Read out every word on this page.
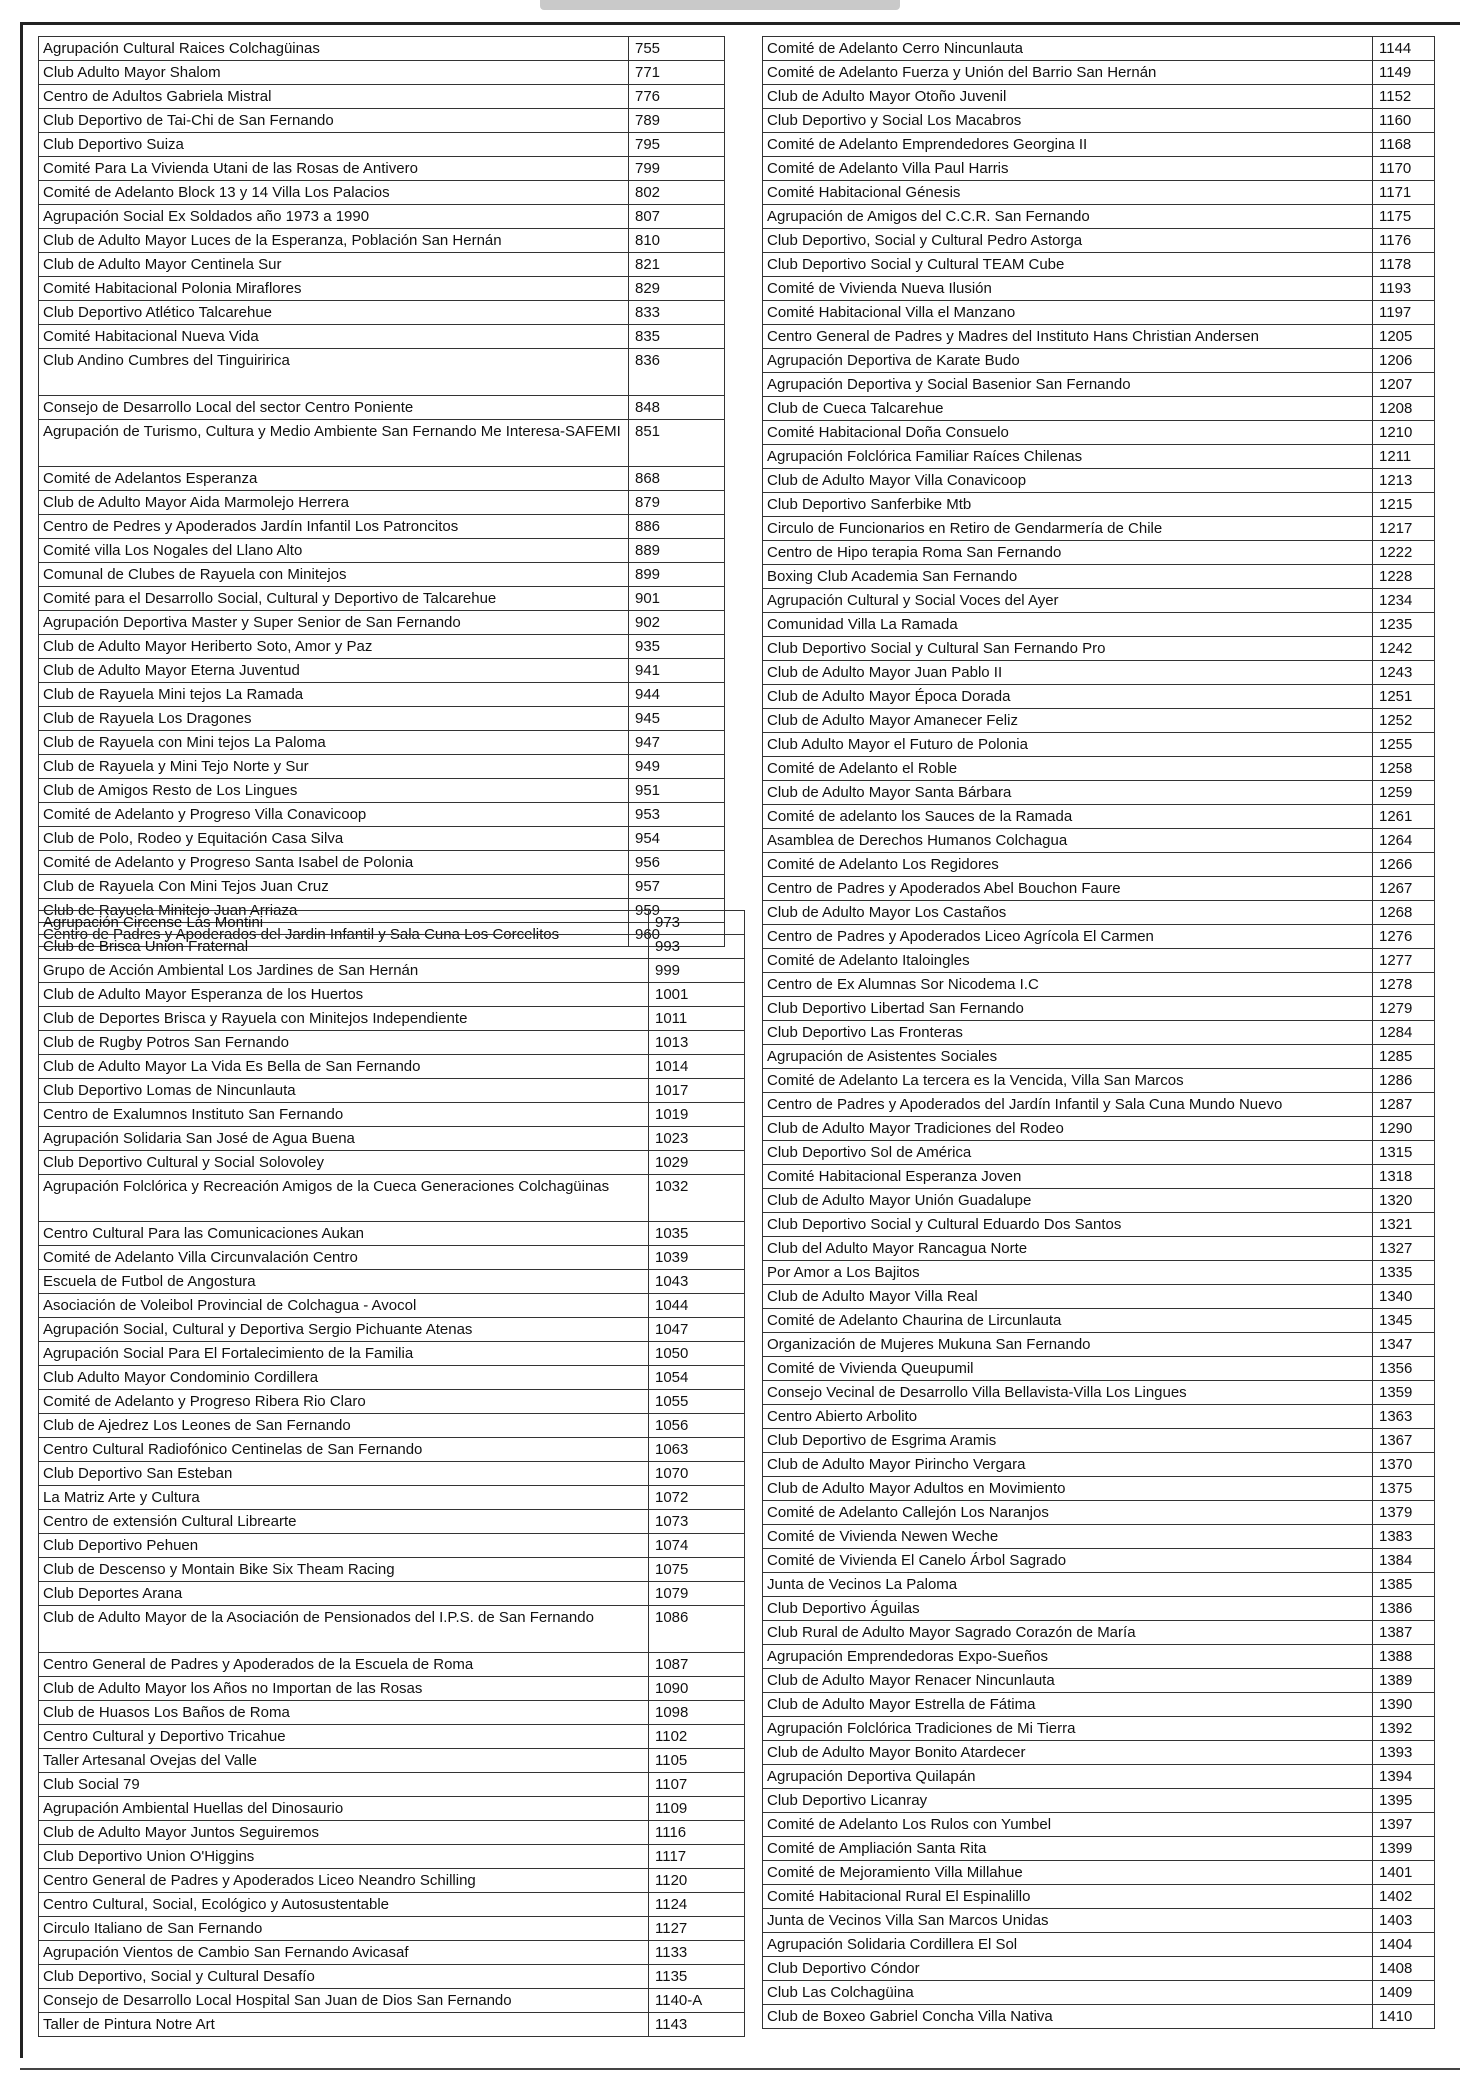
Agrupación Cultural Raices Colchagüinas	755
Club Adulto Mayor Shalom	771
Centro de Adultos Gabriela Mistral	776
Club Deportivo de Tai-Chi de San Fernando	789
Club Deportivo Suiza	795
Comité Para La Vivienda Utani de las Rosas de Antivero	799
Comité de Adelanto Block 13 y 14 Villa Los Palacios	802
Agrupación Social Ex Soldados año 1973 a 1990	807
Club de Adulto Mayor Luces de la Esperanza, Población San Hernán	810
Club de Adulto Mayor Centinela Sur	821
Comité Habitacional Polonia Miraflores	829
Club Deportivo Atlético Talcarehue	833
Comité Habitacional Nueva Vida	835
Club Andino Cumbres del Tinguiririca	836
Consejo de Desarrollo Local del sector Centro Poniente	848
Agrupación de Turismo, Cultura y Medio Ambiente San Fernando Me Interesa-SAFEMI	851
Comité de Adelantos Esperanza	868
Club de Adulto Mayor Aida Marmolejo Herrera	879
Centro de Pedres y Apoderados Jardín Infantil Los Patroncitos	886
Comité villa Los Nogales del Llano Alto	889
Comunal de Clubes de Rayuela con Minitejos	899
Comité para el Desarrollo Social, Cultural y Deportivo de Talcarehue	901
Agrupación Deportiva Master y Super Senior de San Fernando	902
Club de Adulto Mayor Heriberto Soto, Amor y Paz	935
Club de Adulto Mayor Eterna Juventud	941
Club de Rayuela Mini tejos La Ramada	944
Club de Rayuela Los Dragones	945
Club de Rayuela con Mini tejos La Paloma	947
Club de Rayuela y Mini Tejo Norte y Sur	949
Club de Amigos Resto de Los Lingues	951
Comité de Adelanto y Progreso Villa Conavicoop	953
Club de Polo, Rodeo y Equitación Casa Silva	954
Comité de Adelanto y Progreso Santa Isabel de Polonia	956
Club de Rayuela Con Mini Tejos Juan Cruz	957
Club de Rayuela Minitejo Juan Arriaza	959
Centro de Padres y Apoderados del Jardin Infantil y Sala Cuna Los Corcelitos	960
Agrupación Circense Las Montini	973
Club de Brisca Union Fraternal	993
Grupo de Acción Ambiental Los Jardines de San Hernán	999
Club de Adulto Mayor Esperanza de los Huertos	1001
Club de Deportes Brisca y Rayuela con Minitejos Independiente	1011
Club de Rugby Potros San Fernando	1013
Club de Adulto Mayor La Vida Es Bella de San Fernando	1014
Club Deportivo Lomas de Nincunlauta	1017
Centro de Exalumnos Instituto San Fernando	1019
Agrupación Solidaria San José de Agua Buena	1023
Club Deportivo Cultural y Social Solovoley	1029
Agrupación Folclórica y Recreación Amigos de la Cueca Generaciones Colchagüinas	1032
Centro Cultural Para las Comunicaciones Aukan	1035
Comité de Adelanto Villa Circunvalación Centro	1039
Escuela de Futbol de Angostura	1043
Asociación de Voleibol Provincial de Colchagua - Avocol	1044
Agrupación Social, Cultural y Deportiva Sergio Pichuante Atenas	1047
Agrupación Social Para El Fortalecimiento de la Familia	1050
Club Adulto Mayor Condominio Cordillera	1054
Comité de Adelanto y Progreso Ribera Rio Claro	1055
Club de Ajedrez Los Leones de San Fernando	1056
Centro Cultural Radiofónico Centinelas de San Fernando	1063
Club Deportivo San Esteban	1070
La Matriz Arte y Cultura	1072
Centro de extensión Cultural Librearte	1073
Club Deportivo Pehuen	1074
Club de Descenso y Montain Bike Six Theam Racing	1075
Club Deportes Arana	1079
Club de Adulto Mayor de la Asociación de Pensionados del I.P.S. de San Fernando	1086
Centro General de Padres y Apoderados de la Escuela de Roma	1087
Club de Adulto Mayor los Años no Importan de las Rosas	1090
Club de Huasos Los Baños de Roma	1098
Centro Cultural y Deportivo Tricahue	1102
Taller Artesanal Ovejas del Valle	1105
Club Social 79	1107
Agrupación Ambiental Huellas del Dinosaurio	1109
Club de Adulto Mayor Juntos Seguiremos	1116
Club Deportivo Union O'Higgins	1117
Centro General de Padres y Apoderados Liceo Neandro Schilling	1120
Centro Cultural, Social, Ecológico y Autosustentable	1124
Circulo Italiano de San Fernando	1127
Agrupación Vientos de Cambio San Fernando Avicasaf	1133
Club Deportivo, Social y Cultural Desafío	1135
Consejo de Desarrollo Local Hospital San Juan de Dios San Fernando	1140-A
Taller de Pintura Notre Art	1143
Comité de Adelanto Cerro Nincunlauta	1144
Comité de Adelanto Fuerza y Unión del Barrio San Hernán	1149
Club de Adulto Mayor Otoño Juvenil	1152
Club Deportivo y Social Los Macabros	1160
Comité de Adelanto Emprendedores Georgina II	1168
Comité de Adelanto Villa Paul Harris	1170
Comité Habitacional Génesis	1171
Agrupación de Amigos del C.C.R. San Fernando	1175
Club Deportivo, Social y Cultural Pedro Astorga	1176
Club Deportivo Social y Cultural TEAM Cube	1178
Comité de Vivienda Nueva Ilusión	1193
Comité Habitacional Villa el Manzano	1197
Centro General de Padres y Madres del Instituto Hans Christian Andersen	1205
Agrupación Deportiva de Karate Budo	1206
Agrupación Deportiva y Social Basenior San Fernando	1207
Club de Cueca Talcarehue	1208
Comité Habitacional Doña Consuelo	1210
Agrupación Folclórica Familiar Raíces Chilenas	1211
Club de Adulto Mayor Villa Conavicoop	1213
Club Deportivo Sanferbike Mtb	1215
Circulo de Funcionarios en Retiro de Gendarmería de Chile	1217
Centro de Hipo terapia Roma San Fernando	1222
Boxing Club Academia San Fernando	1228
Agrupación Cultural y Social Voces del Ayer	1234
Comunidad Villa La Ramada	1235
Club Deportivo Social y Cultural San Fernando Pro	1242
Club de Adulto Mayor Juan Pablo II	1243
Club de Adulto Mayor Época Dorada	1251
Club de Adulto Mayor Amanecer Feliz	1252
Club Adulto Mayor el Futuro de Polonia	1255
Comité de Adelanto el Roble	1258
Club de Adulto Mayor Santa Bárbara	1259
Comité de adelanto los Sauces de la Ramada	1261
Asamblea de Derechos Humanos Colchagua	1264
Comité de Adelanto Los Regidores	1266
Centro de Padres y Apoderados Abel Bouchon Faure	1267
Club de Adulto Mayor Los Castaños	1268
Centro de Padres y Apoderados Liceo Agrícola El Carmen	1276
Comité de Adelanto Italoingles	1277
Centro de Ex Alumnas Sor Nicodema I.C	1278
Club Deportivo Libertad San Fernando	1279
Club Deportivo Las Fronteras	1284
Agrupación de Asistentes Sociales	1285
Comité de Adelanto La tercera es la Vencida, Villa San Marcos	1286
Centro de Padres y Apoderados del Jardín Infantil y Sala Cuna Mundo Nuevo	1287
Club de Adulto Mayor Tradiciones del Rodeo	1290
Club Deportivo Sol de América	1315
Comité Habitacional Esperanza Joven	1318
Club de Adulto Mayor Unión Guadalupe	1320
Club Deportivo Social y Cultural Eduardo Dos Santos	1321
Club del Adulto Mayor Rancagua Norte	1327
Por Amor a Los Bajitos	1335
Club de Adulto Mayor Villa Real	1340
Comité de Adelanto Chaurina de Lircunlauta	1345
Organización de Mujeres Mukuna San Fernando	1347
Comité de Vivienda Queupumil	1356
Consejo Vecinal de Desarrollo Villa Bellavista-Villa Los Lingues	1359
Centro Abierto Arbolito	1363
Club Deportivo de Esgrima Aramis	1367
Club de Adulto Mayor Pirincho Vergara	1370
Club de Adulto Mayor Adultos en Movimiento	1375
Comité de Adelanto Callejón Los Naranjos	1379
Comité de Vivienda Newen Weche	1383
Comité de Vivienda El Canelo Árbol Sagrado	1384
Junta de Vecinos La Paloma	1385
Club Deportivo Águilas	1386
Club Rural de Adulto Mayor Sagrado Corazón de María	1387
Agrupación Emprendedoras Expo-Sueños	1388
Club de Adulto Mayor Renacer Nincunlauta	1389
Club de Adulto Mayor Estrella de Fátima	1390
Agrupación Folclórica Tradiciones de Mi Tierra	1392
Club de Adulto Mayor Bonito Atardecer	1393
Agrupación Deportiva Quilapán	1394
Club Deportivo Licanray	1395
Comité de Adelanto Los Rulos con Yumbel	1397
Comité de Ampliación Santa Rita	1399
Comité de Mejoramiento Villa Millahue	1401
Comité Habitacional Rural El Espinalillo	1402
Junta de Vecinos Villa San Marcos Unidas	1403
Agrupación Solidaria Cordillera El Sol	1404
Club Deportivo Cóndor	1408
Club Las Colchagüina	1409
Club de Boxeo Gabriel Concha Villa Nativa	1410
